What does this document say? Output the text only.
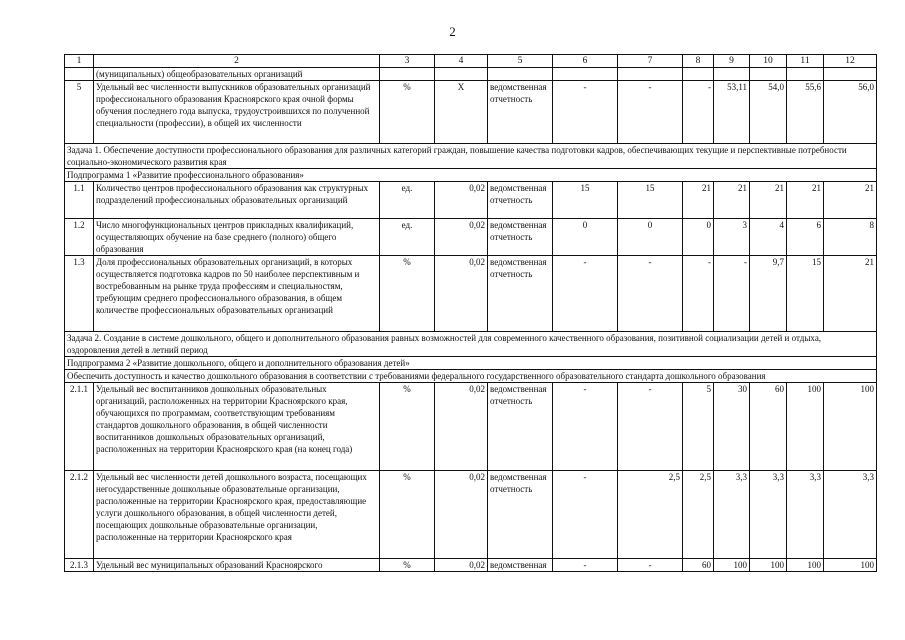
2
1	2	3	4	5	6	7	8	9	10	11	12
	(муниципальных) общеобразовательных организаций										
5	Удельный вес численности выпускников образовательных организаций профессионального образования Красноярского края очной формы обучения последнего года выпуска, трудоустроившихся по полученной специальности (профессии), в общей их численности	%	X	ведомственная отчетность	-	-	-	53,11	54,0	55,6	56,0
Задача 1. Обеспечение доступности профессионального образования для различных категорий граждан, повышение качества подготовки кадров, обеспечивающих текущие и перспективные потребности социально-экономического развития края											
Подпрограмма 1 «Развитие профессионального образования»											
1.1	Количество центров профессионального образования как структурных подразделений профессиональных образовательных организаций	ед.	0,02	ведомственная отчетность	15	15	21	21	21	21	21
1.2	Число многофункциональных центров прикладных квалификаций, осуществляющих обучение на базе среднего (полного) общего образования	ед.	0,02	ведомственная отчетность	0	0	0	3	4	6	8
1.3	Доля профессиональных образовательных организаций, в которых осуществляется подготовка кадров по 50 наиболее перспективным и востребованным на рынке труда профессиям и специальностям, требующим среднего профессионального образования, в общем количестве профессиональных образовательных организаций	%	0,02	ведомственная отчетность	-	-	-	-	9,7	15	21
Задача 2. Создание в системе дошкольного, общего и дополнительного образования равных возможностей для современного качественного образования, позитивной социализации детей и отдыха, оздоровления детей в летний период											
Подпрограмма 2 «Развитие дошкольного, общего и дополнительного образования детей»											
Обеспечить доступность и качество дошкольного образования в соответствии с требованиями федерального государственного образовательного стандарта дошкольного образования											
2.1.1	Удельный вес воспитанников дошкольных образовательных организаций, расположенных на территории Красноярского края, обучающихся по программам, соответствующим требованиям стандартов дошкольного образования, в общей численности воспитанников дошкольных образовательных организаций, расположенных на территории Красноярского края (на конец года)	%	0,02	ведомственная отчетность	-	-	5	30	60	100	100
2.1.2	Удельный вес численности детей дошкольного возраста, посещающих негосударственные дошкольные образовательные организации, расположенные на территории Красноярского края, предоставляющие услуги дошкольного образования, в общей численности детей, посещающих дошкольные образовательные организации, расположенные на территории Красноярского края	%	0,02	ведомственная отчетность	-	2,5	2,5	3,3	3,3	3,3	3,3
2.1.3	Удельный вес муниципальных образований Красноярского	%	0,02	ведомственная	-	-	60	100	100	100	100
